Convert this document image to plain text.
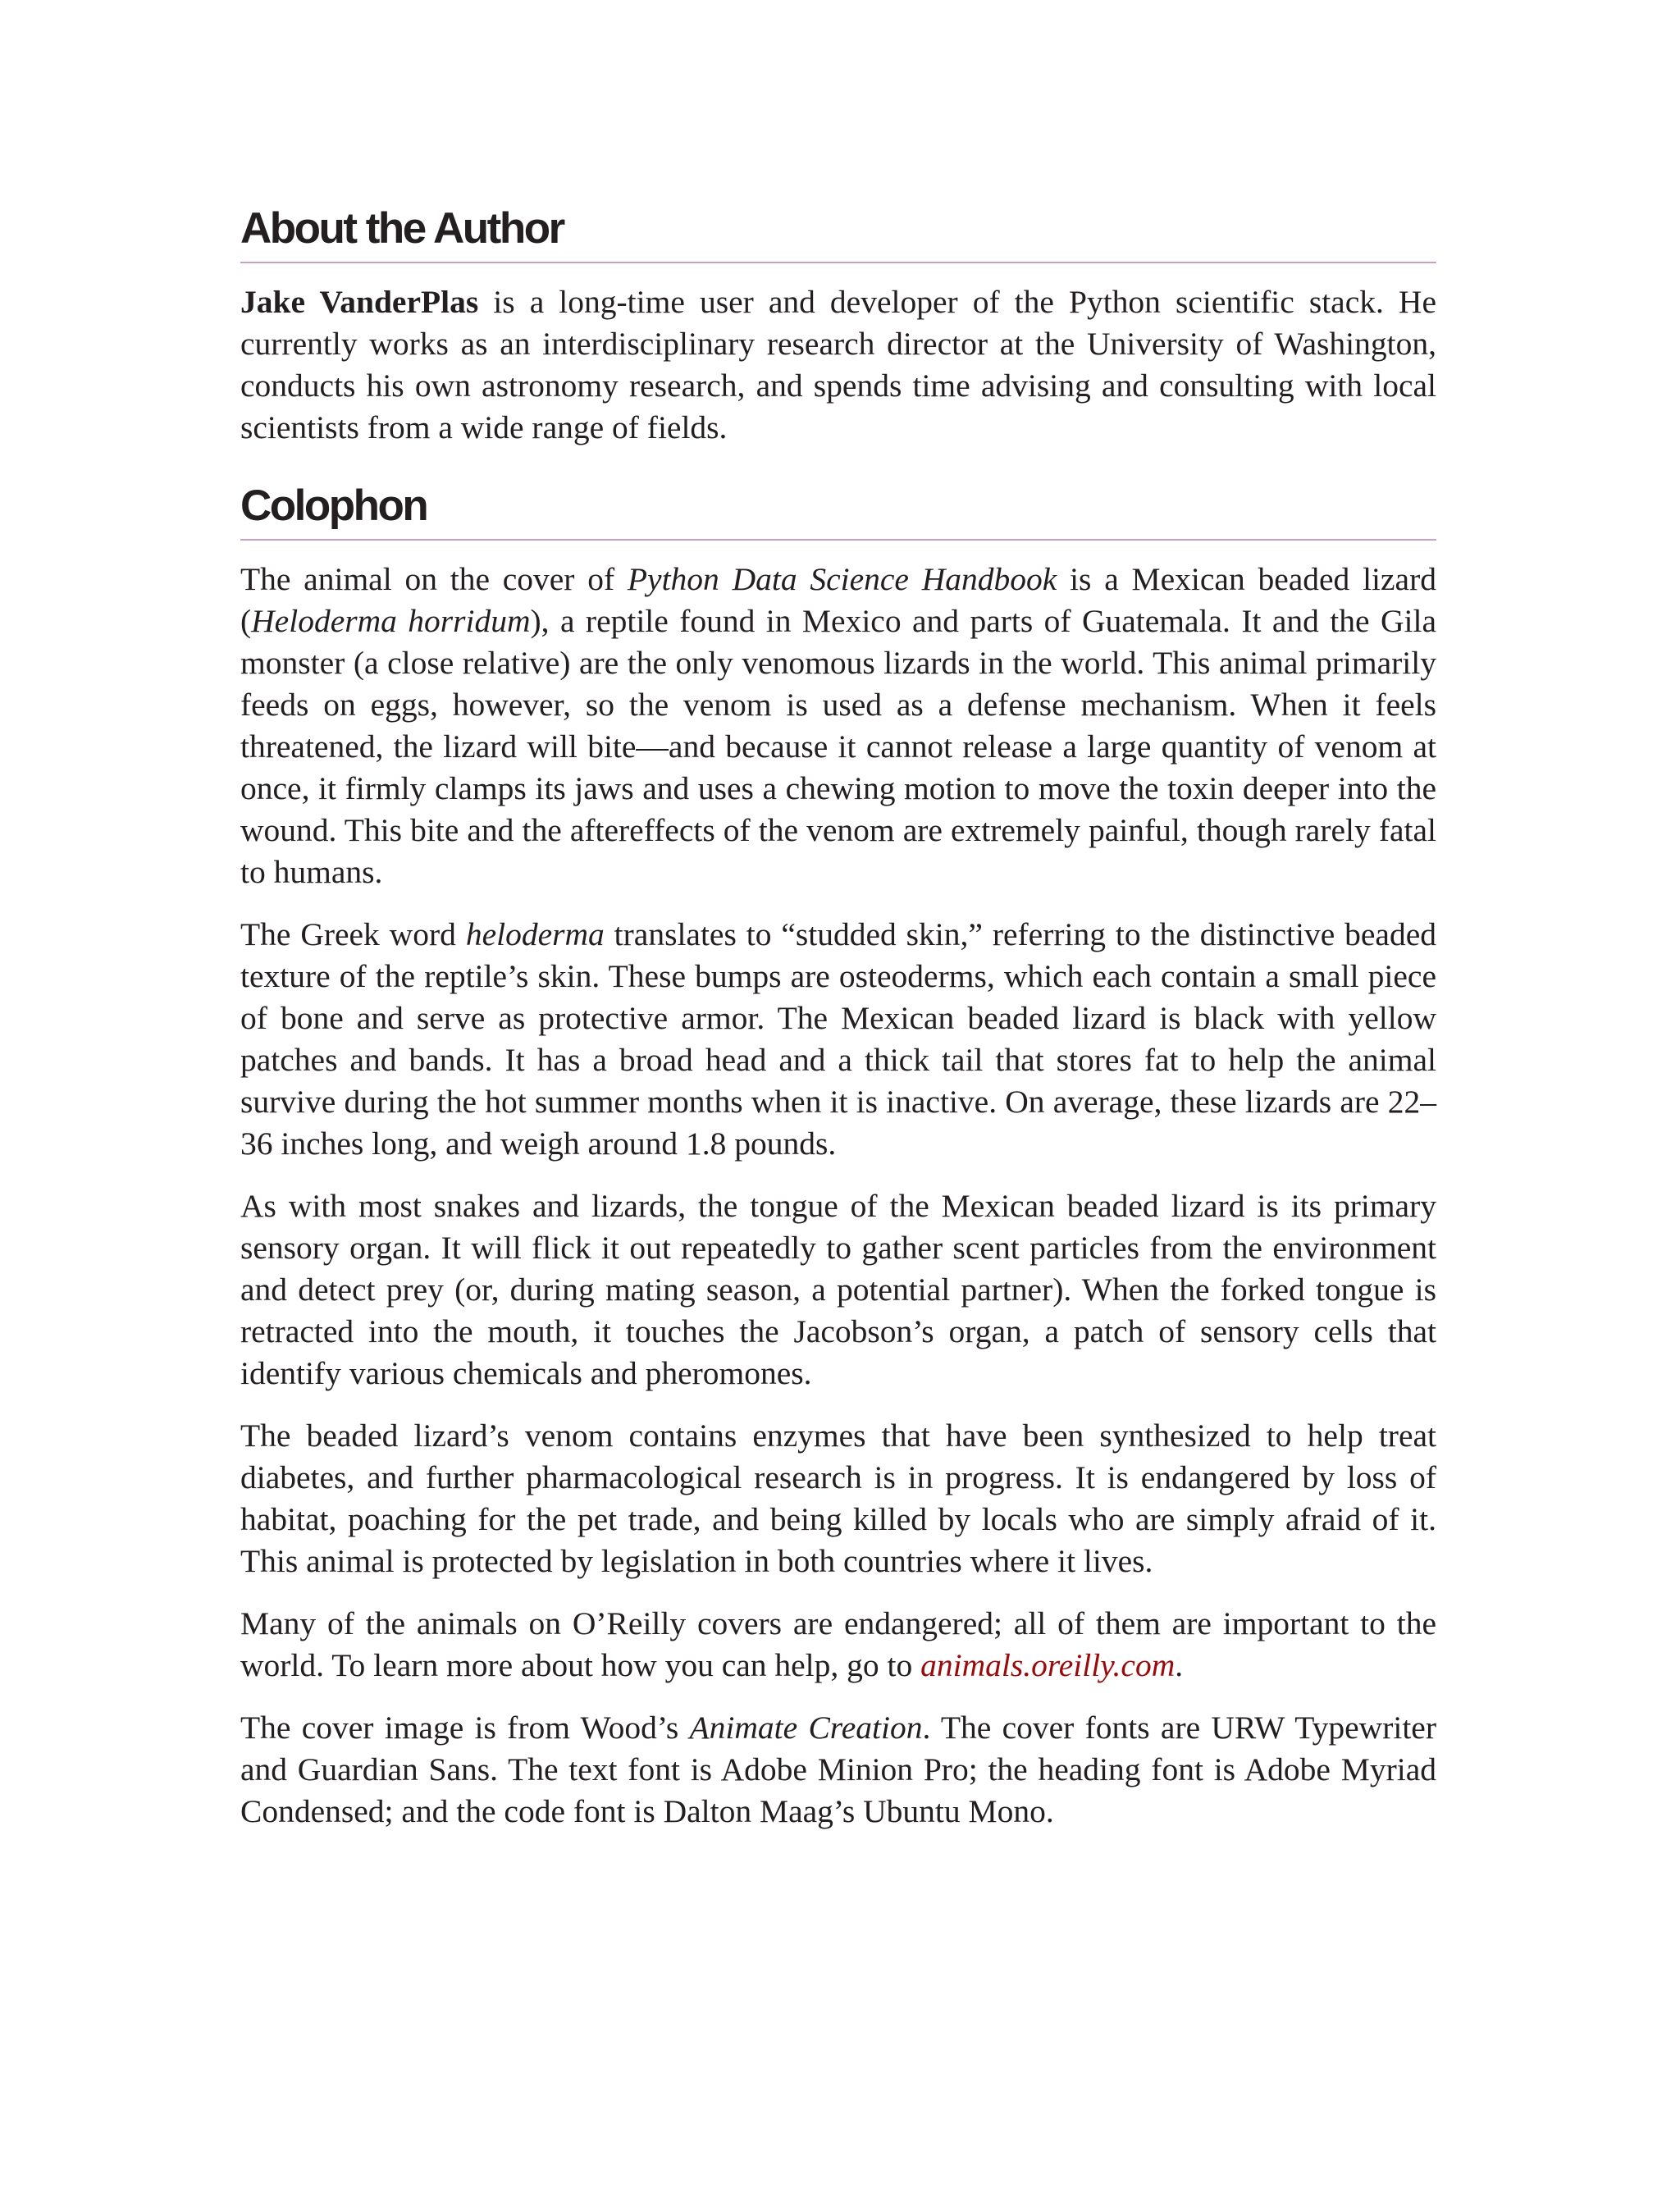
About the Author

Jake VanderPlas is a long-time user and developer of the Python scientific stack. He currently works as an interdisciplinary research director at the University of Washington, conducts his own astronomy research, and spends time advising and consulting with local scientists from a wide range of fields.

Colophon

The animal on the cover of Python Data Science Handbook is a Mexican beaded lizard (Heloderma horridum), a reptile found in Mexico and parts of Guatemala. It and the Gila monster (a close relative) are the only venomous lizards in the world. This animal primarily feeds on eggs, however, so the venom is used as a defense mechanism. When it feels threatened, the lizard will bite—and because it cannot release a large quantity of venom at once, it firmly clamps its jaws and uses a chewing motion to move the toxin deeper into the wound. This bite and the aftereffects of the venom are extremely painful, though rarely fatal to humans.

The Greek word heloderma translates to “studded skin,” referring to the distinctive beaded texture of the reptile’s skin. These bumps are osteoderms, which each contain a small piece of bone and serve as protective armor. The Mexican beaded lizard is black with yellow patches and bands. It has a broad head and a thick tail that stores fat to help the animal survive during the hot summer months when it is inactive. On average, these lizards are 22–36 inches long, and weigh around 1.8 pounds.

As with most snakes and lizards, the tongue of the Mexican beaded lizard is its primary sensory organ. It will flick it out repeatedly to gather scent particles from the environment and detect prey (or, during mating season, a potential partner). When the forked tongue is retracted into the mouth, it touches the Jacobson’s organ, a patch of sensory cells that identify various chemicals and pheromones.

The beaded lizard’s venom contains enzymes that have been synthesized to help treat diabetes, and further pharmacological research is in progress. It is endangered by loss of habitat, poaching for the pet trade, and being killed by locals who are simply afraid of it. This animal is protected by legislation in both countries where it lives.

Many of the animals on O’Reilly covers are endangered; all of them are important to the world. To learn more about how you can help, go to animals.oreilly.com.

The cover image is from Wood’s Animate Creation. The cover fonts are URW Typewriter and Guardian Sans. The text font is Adobe Minion Pro; the heading font is Adobe Myriad Condensed; and the code font is Dalton Maag’s Ubuntu Mono.
